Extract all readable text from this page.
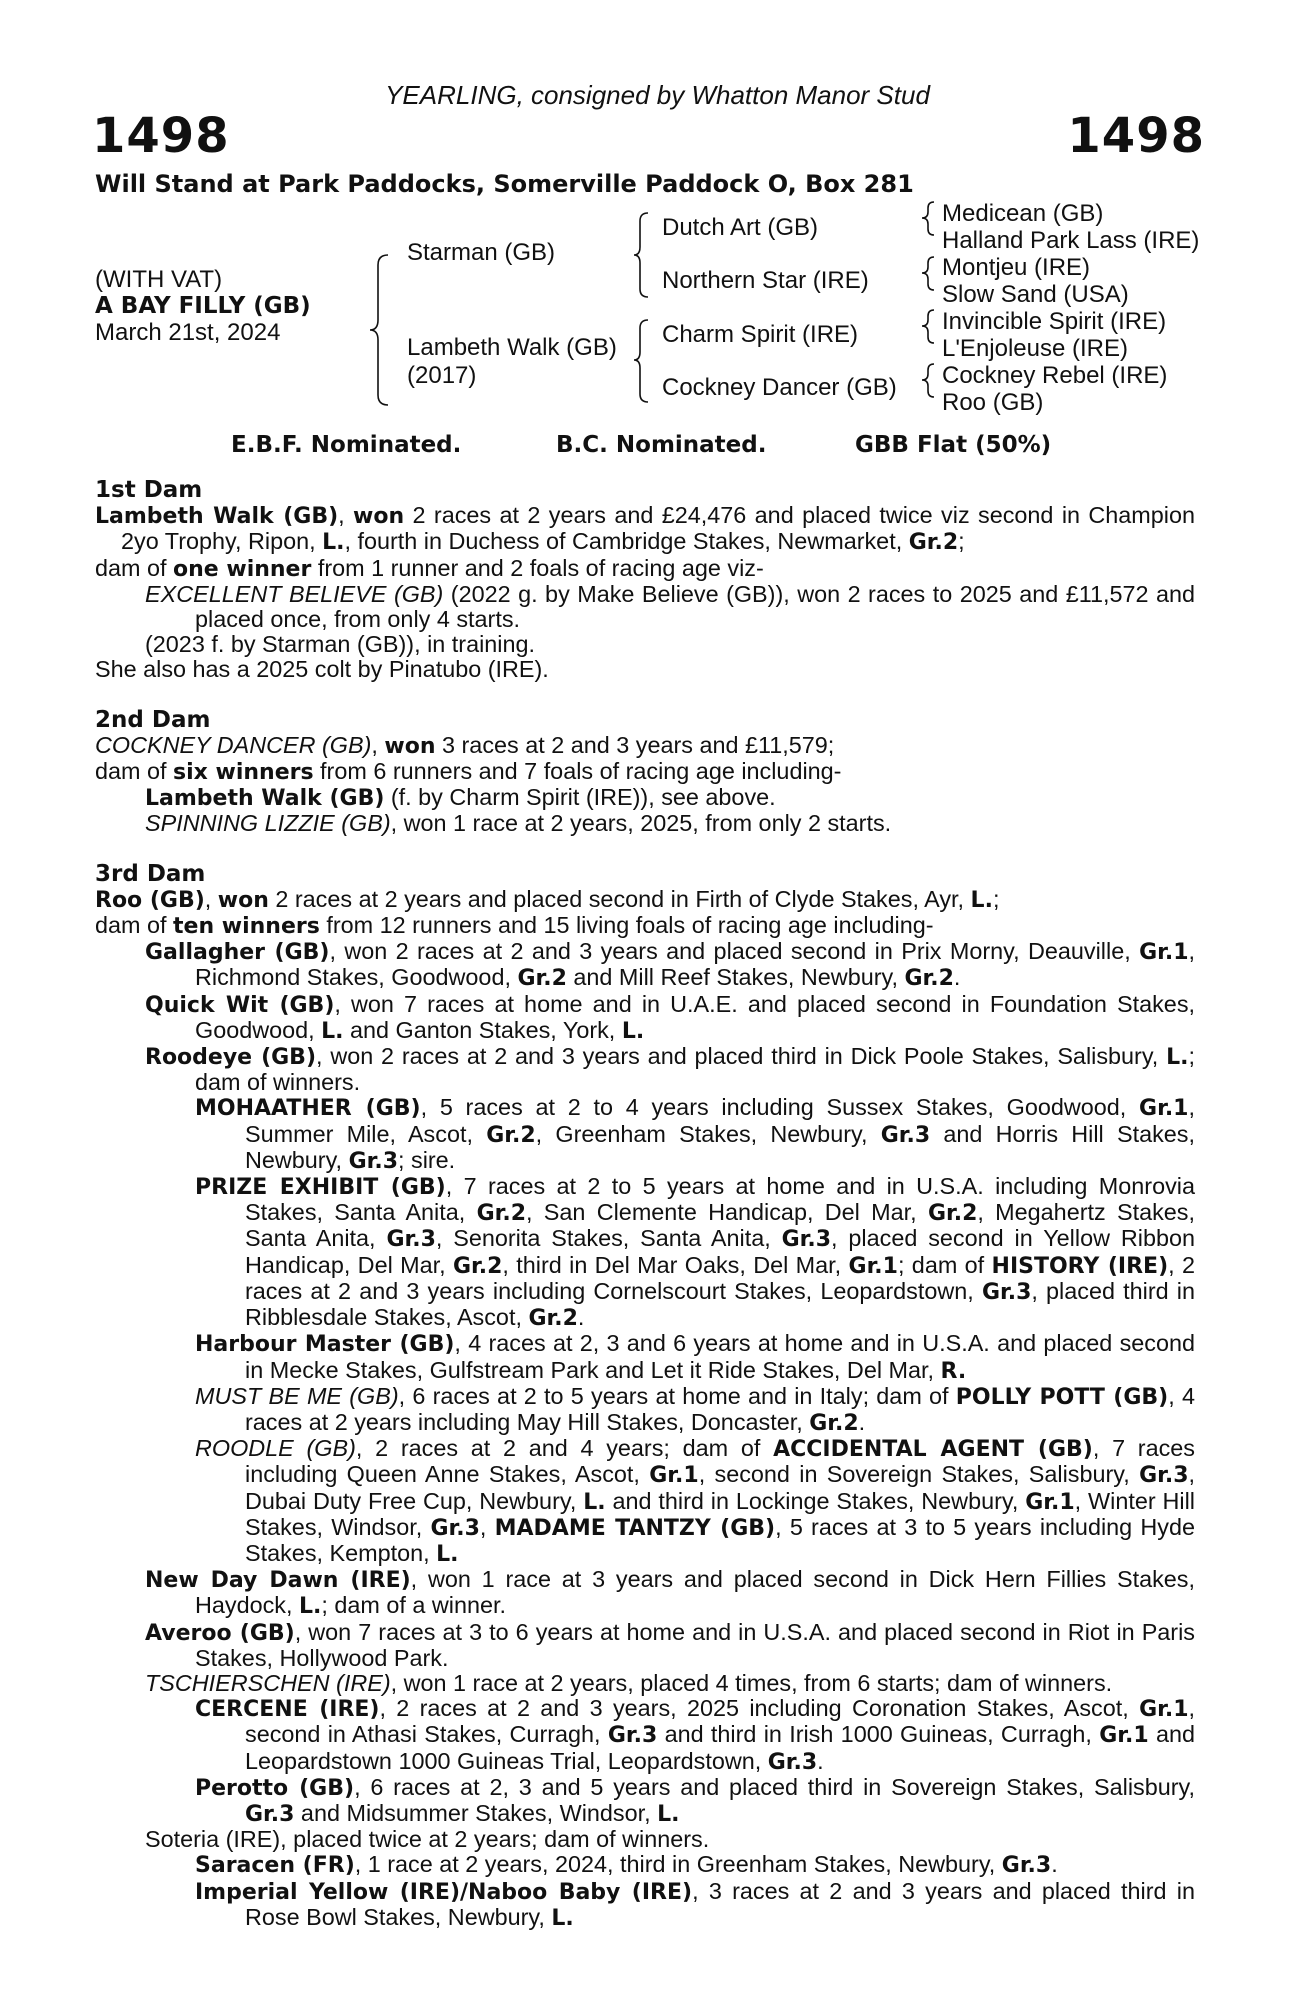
YEARLING, consigned by Whatton Manor Stud
1498	1498
Will Stand at Park Paddocks, Somerville Paddock O, Box 281
(WITH VAT)
A BAY FILLY (GB)
March 21st, 2024
Starman (GB)
Lambeth Walk (GB)
(2017)
Dutch Art (GB)
Northern Star (IRE)
Charm Spirit (IRE)
Cockney Dancer (GB)
Medicean (GB)
Halland Park Lass (IRE)
Montjeu (IRE)
Slow Sand (USA)
Invincible Spirit (IRE)
L'Enjoleuse (IRE)
Cockney Rebel (IRE)
Roo (GB)
E.B.F. Nominated.	B.C. Nominated.	GBB Flat (50%)
1st Dam

Lambeth Walk (GB), won 2 races at 2 years and £24,476 and placed twice viz second in Champion 2yo Trophy, Ripon, L., fourth in Duchess of Cambridge Stakes, Newmarket, Gr.2;

dam of one winner from 1 runner and 2 foals of racing age viz-

EXCELLENT BELIEVE (GB) (2022 g. by Make Believe (GB)), won 2 races to 2025 and £11,572 and placed once, from only 4 starts.

(2023 f. by Starman (GB)), in training.

She also has a 2025 colt by Pinatubo (IRE).

2nd Dam

COCKNEY DANCER (GB), won 3 races at 2 and 3 years and £11,579;

dam of six winners from 6 runners and 7 foals of racing age including-

Lambeth Walk (GB) (f. by Charm Spirit (IRE)), see above.

SPINNING LIZZIE (GB), won 1 race at 2 years, 2025, from only 2 starts.

3rd Dam

Roo (GB), won 2 races at 2 years and placed second in Firth of Clyde Stakes, Ayr, L.;

dam of ten winners from 12 runners and 15 living foals of racing age including-

Gallagher (GB), won 2 races at 2 and 3 years and placed second in Prix Morny, Deauville, Gr.1, Richmond Stakes, Goodwood, Gr.2 and Mill Reef Stakes, Newbury, Gr.2.

Quick Wit (GB), won 7 races at home and in U.A.E. and placed second in Foundation Stakes, Goodwood, L. and Ganton Stakes, York, L.

Roodeye (GB), won 2 races at 2 and 3 years and placed third in Dick Poole Stakes, Salisbury, L.; dam of winners.

MOHAATHER (GB), 5 races at 2 to 4 years including Sussex Stakes, Goodwood, Gr.1, Summer Mile, Ascot, Gr.2, Greenham Stakes, Newbury, Gr.3 and Horris Hill Stakes, Newbury, Gr.3; sire.

PRIZE EXHIBIT (GB), 7 races at 2 to 5 years at home and in U.S.A. including Monrovia Stakes, Santa Anita, Gr.2, San Clemente Handicap, Del Mar, Gr.2, Megahertz Stakes, Santa Anita, Gr.3, Senorita Stakes, Santa Anita, Gr.3, placed second in Yellow Ribbon Handicap, Del Mar, Gr.2, third in Del Mar Oaks, Del Mar, Gr.1; dam of HISTORY (IRE), 2 races at 2 and 3 years including Cornelscourt Stakes, Leopardstown, Gr.3, placed third in Ribblesdale Stakes, Ascot, Gr.2.

Harbour Master (GB), 4 races at 2, 3 and 6 years at home and in U.S.A. and placed second in Mecke Stakes, Gulfstream Park and Let it Ride Stakes, Del Mar, R.

MUST BE ME (GB), 6 races at 2 to 5 years at home and in Italy; dam of POLLY POTT (GB), 4 races at 2 years including May Hill Stakes, Doncaster, Gr.2.

ROODLE (GB), 2 races at 2 and 4 years; dam of ACCIDENTAL AGENT (GB), 7 races including Queen Anne Stakes, Ascot, Gr.1, second in Sovereign Stakes, Salisbury, Gr.3, Dubai Duty Free Cup, Newbury, L. and third in Lockinge Stakes, Newbury, Gr.1, Winter Hill Stakes, Windsor, Gr.3, MADAME TANTZY (GB), 5 races at 3 to 5 years including Hyde Stakes, Kempton, L.

New Day Dawn (IRE), won 1 race at 3 years and placed second in Dick Hern Fillies Stakes, Haydock, L.; dam of a winner.

Averoo (GB), won 7 races at 3 to 6 years at home and in U.S.A. and placed second in Riot in Paris Stakes, Hollywood Park.

TSCHIERSCHEN (IRE), won 1 race at 2 years, placed 4 times, from 6 starts; dam of winners.

CERCENE (IRE), 2 races at 2 and 3 years, 2025 including Coronation Stakes, Ascot, Gr.1, second in Athasi Stakes, Curragh, Gr.3 and third in Irish 1000 Guineas, Curragh, Gr.1 and Leopardstown 1000 Guineas Trial, Leopardstown, Gr.3.

Perotto (GB), 6 races at 2, 3 and 5 years and placed third in Sovereign Stakes, Salisbury, Gr.3 and Midsummer Stakes, Windsor, L.

Soteria (IRE), placed twice at 2 years; dam of winners.

Saracen (FR), 1 race at 2 years, 2024, third in Greenham Stakes, Newbury, Gr.3.

Imperial Yellow (IRE)/Naboo Baby (IRE), 3 races at 2 and 3 years and placed third in Rose Bowl Stakes, Newbury, L.
